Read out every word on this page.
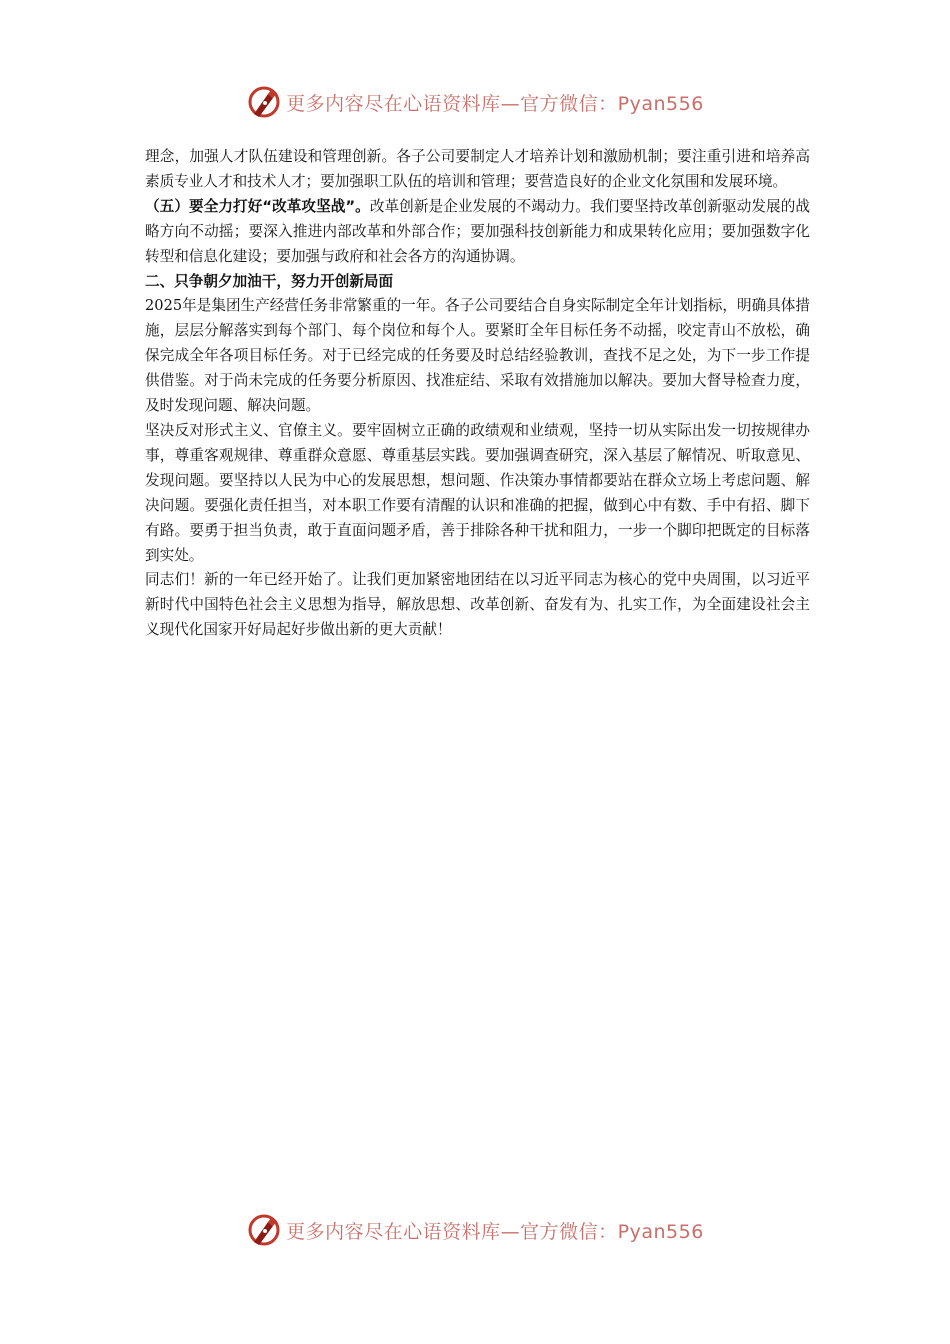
更多内容尽在心语资料库—官方微信：Pyan556

理念，加强人才队伍建设和管理创新。各子公司要制定人才培养计划和激励机制；要注重引进和培养高素质专业人才和技术人才；要加强职工队伍的培训和管理；要营造良好的企业文化氛围和发展环境。

（五）要全力打好“改革攻坚战”。改革创新是企业发展的不竭动力。我们要坚持改革创新驱动发展的战略方向不动摇；要深入推进内部改革和外部合作；要加强科技创新能力和成果转化应用；要加强数字化转型和信息化建设；要加强与政府和社会各方的沟通协调。

二、只争朝夕加油干，努力开创新局面

2025年是集团生产经营任务非常繁重的一年。各子公司要结合自身实际制定全年计划指标，明确具体措施，层层分解落实到每个部门、每个岗位和每个人。要紧盯全年目标任务不动摇，咬定青山不放松，确保完成全年各项目标任务。对于已经完成的任务要及时总结经验教训，查找不足之处，为下一步工作提供借鉴。对于尚未完成的任务要分析原因、找准症结、采取有效措施加以解决。要加大督导检查力度，及时发现问题、解决问题。

坚决反对形式主义、官僚主义。要牢固树立正确的政绩观和业绩观，坚持一切从实际出发一切按规律办事，尊重客观规律、尊重群众意愿、尊重基层实践。要加强调查研究，深入基层了解情况、听取意见、发现问题。要坚持以人民为中心的发展思想，想问题、作决策办事情都要站在群众立场上考虑问题、解决问题。要强化责任担当，对本职工作要有清醒的认识和准确的把握，做到心中有数、手中有招、脚下有路。要勇于担当负责，敢于直面问题矛盾，善于排除各种干扰和阻力，一步一个脚印把既定的目标落到实处。

同志们！新的一年已经开始了。让我们更加紧密地团结在以习近平同志为核心的党中央周围，以习近平新时代中国特色社会主义思想为指导，解放思想、改革创新、奋发有为、扎实工作，为全面建设社会主义现代化国家开好局起好步做出新的更大贡献！

更多内容尽在心语资料库—官方微信：Pyan556
